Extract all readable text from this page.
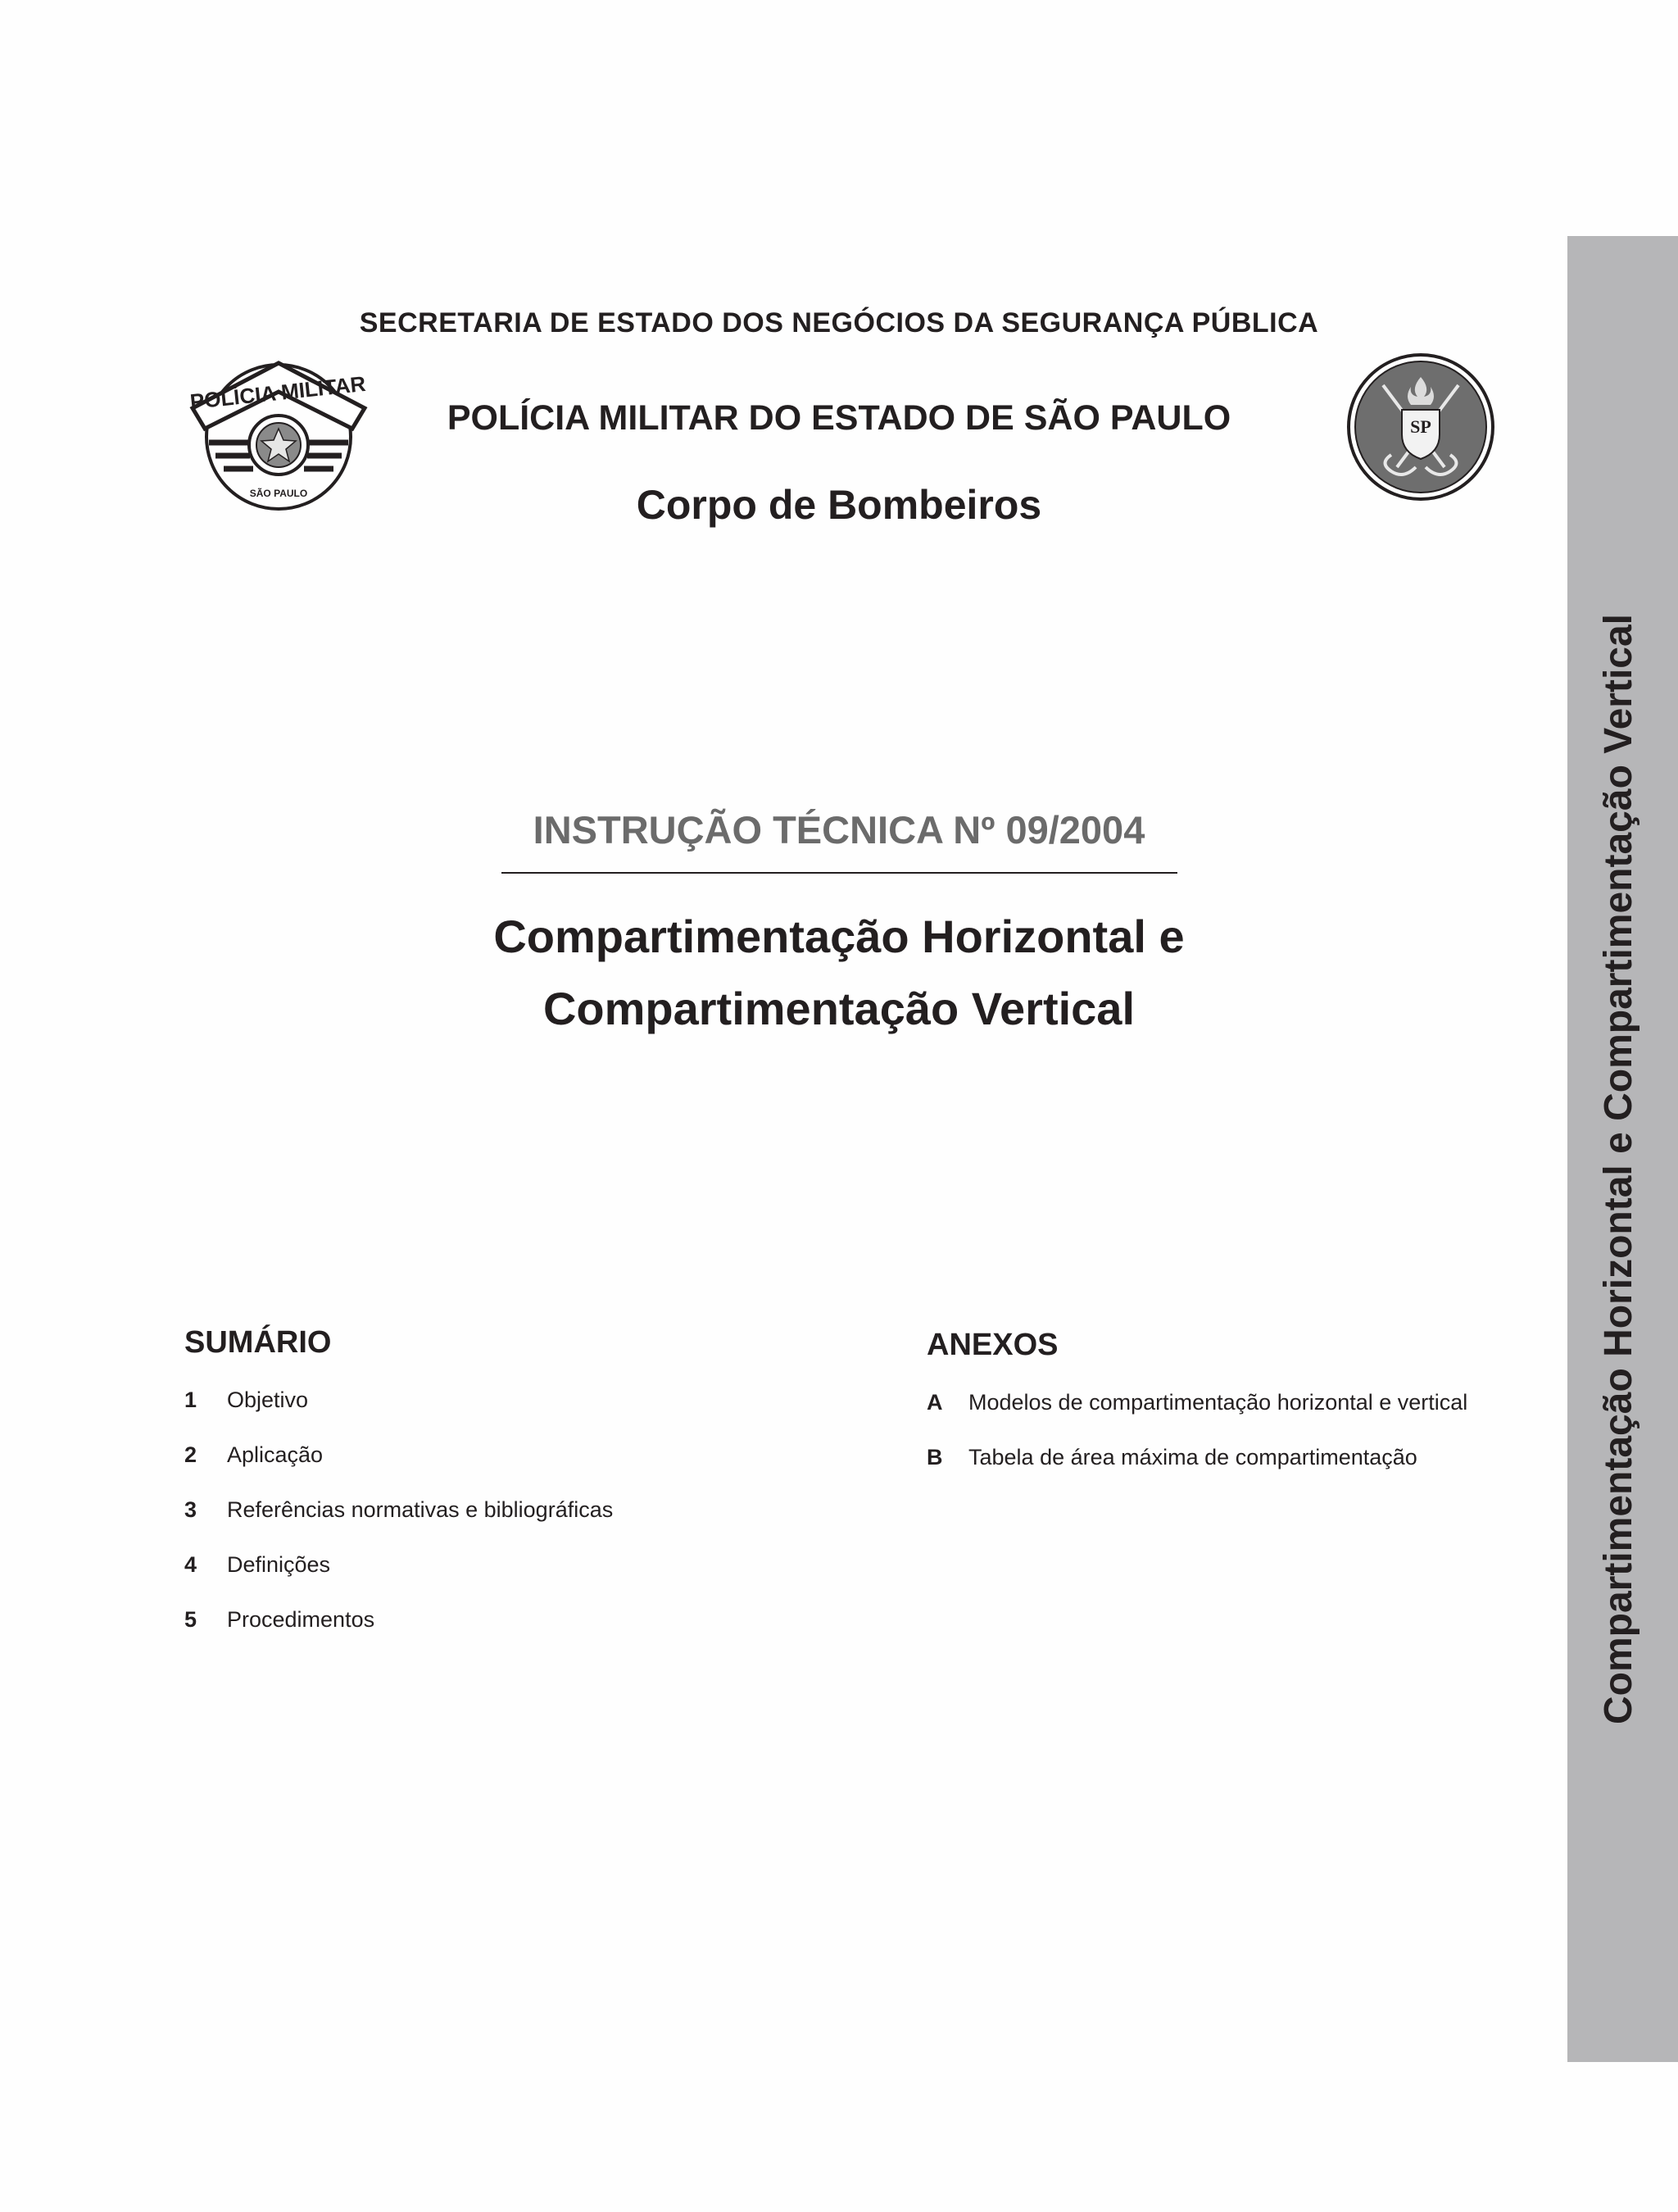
SECRETARIA DE ESTADO DOS NEGÓCIOS DA SEGURANÇA PÚBLICA
POLÍCIA MILITAR
SÃO PAULO
POLÍCIA MILITAR DO ESTADO DE SÃO PAULO	SP
Corpo de Bombeiros
INSTRUÇÃO TÉCNICA Nº 09/2004
Compartimentação Horizontal e
Compartimentação Vertical
SUMÁRIO
1	Objetivo
2	Aplicação
3	Referências normativas e bibliográficas
4	Definições
5	Procedimentos
ANEXOS
A	Modelos de compartimentação horizontal e vertical
B	Tabela de área máxima de compartimentação	Compartimentação Horizontal e Compartimentação Vertical
